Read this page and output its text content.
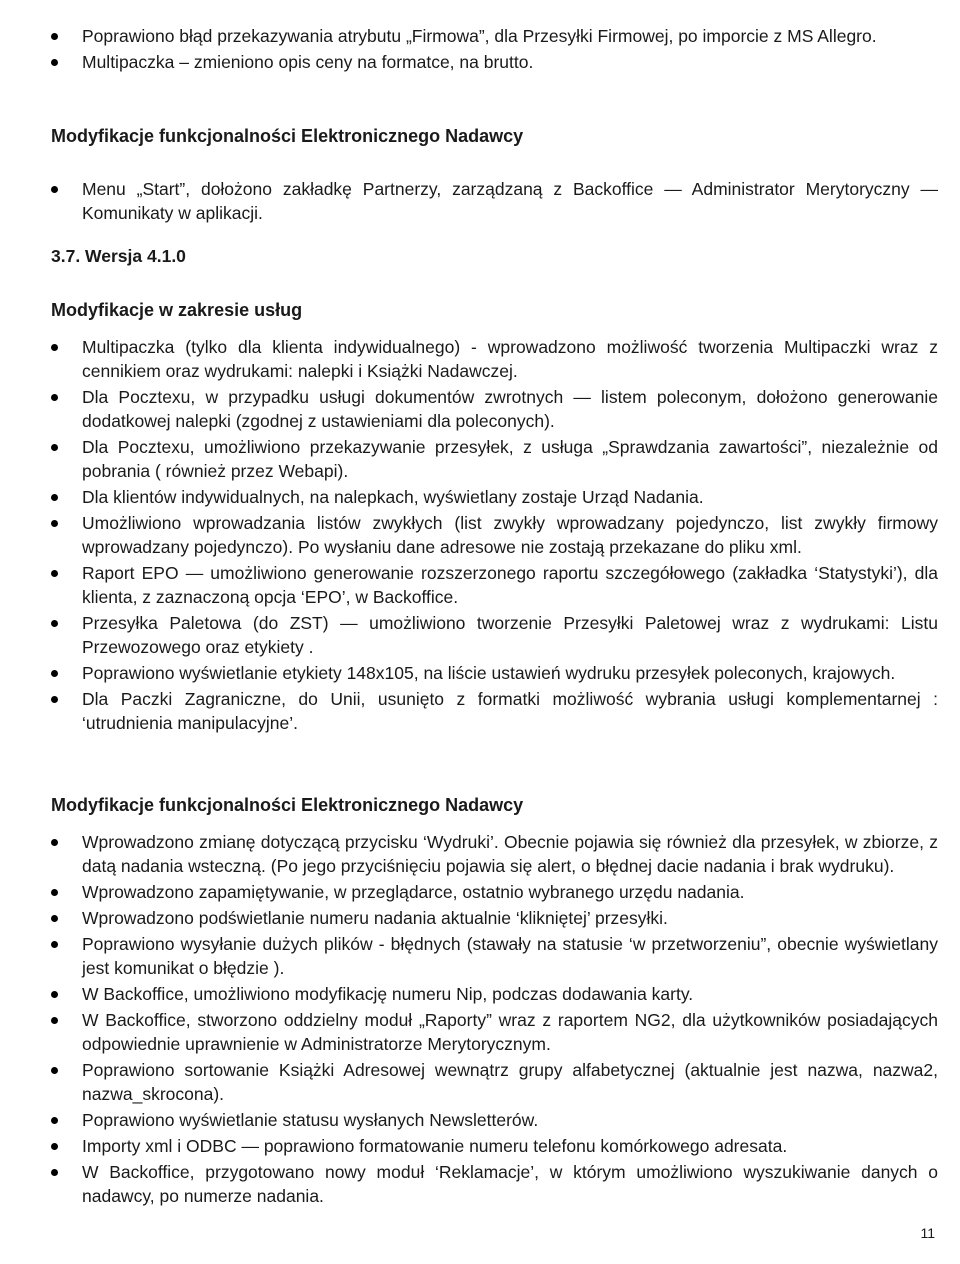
Poprawiono błąd przekazywania atrybutu „Firmowa”, dla Przesyłki Firmowej, po imporcie z MS Allegro.
Multipaczka – zmieniono opis ceny na formatce, na brutto.
Modyfikacje funkcjonalności Elektronicznego Nadawcy
Menu „Start”, dołożono zakładkę Partnerzy, zarządzaną z Backoffice — Administrator Merytoryczny — Komunikaty w aplikacji.
3.7. Wersja 4.1.0
Modyfikacje w zakresie usług
Multipaczka (tylko dla klienta indywidualnego) - wprowadzono możliwość tworzenia Multipaczki wraz z cennikiem oraz wydrukami: nalepki i Książki Nadawczej.
Dla Pocztexu, w przypadku usługi dokumentów zwrotnych — listem poleconym, dołożono generowanie dodatkowej nalepki (zgodnej z ustawieniami dla poleconych).
Dla Pocztexu, umożliwiono przekazywanie przesyłek, z usługa „Sprawdzania zawartości”, niezależnie od pobrania ( również przez Webapi).
Dla klientów indywidualnych, na nalepkach, wyświetlany zostaje Urząd Nadania.
Umożliwiono wprowadzania listów zwykłych (list zwykły wprowadzany pojedynczo, list zwykły firmowy wprowadzany pojedynczo). Po wysłaniu dane adresowe nie zostają przekazane do pliku xml.
Raport EPO — umożliwiono generowanie rozszerzonego raportu szczegółowego (zakładka ‘Statystyki’), dla klienta, z zaznaczoną opcja ‘EPO’, w Backoffice.
Przesyłka Paletowa (do ZST) — umożliwiono tworzenie Przesyłki Paletowej wraz z wydrukami: Listu Przewozowego oraz etykiety .
Poprawiono wyświetlanie etykiety 148x105, na liście ustawień wydruku przesyłek poleconych, krajowych.
Dla Paczki Zagraniczne, do Unii, usunięto z formatki możliwość wybrania usługi komplementarnej : ‘utrudnienia manipulacyjne’.
Modyfikacje funkcjonalności Elektronicznego Nadawcy
Wprowadzono zmianę dotyczącą przycisku ‘Wydruki’. Obecnie pojawia się również dla przesyłek, w zbiorze, z datą nadania wsteczną. (Po jego przyciśnięciu pojawia się alert, o błędnej dacie nadania i brak wydruku).
Wprowadzono zapamiętywanie, w przeglądarce, ostatnio wybranego urzędu nadania.
Wprowadzono podświetlanie numeru nadania aktualnie ‘klikniętej’ przesyłki.
Poprawiono wysyłanie dużych plików - błędnych (stawały na statusie ‘w przetworzeniu”, obecnie wyświetlany jest komunikat o błędzie ).
W Backoffice, umożliwiono modyfikację numeru Nip, podczas dodawania karty.
W Backoffice, stworzono oddzielny moduł „Raporty” wraz z raportem NG2, dla użytkowników posiadających odpowiednie uprawnienie w Administratorze Merytorycznym.
Poprawiono sortowanie Książki Adresowej wewnątrz grupy alfabetycznej (aktualnie jest nazwa, nazwa2, nazwa_skrocona).
Poprawiono wyświetlanie statusu wysłanych Newsletterów.
Importy xml i ODBC — poprawiono formatowanie numeru telefonu komórkowego adresata.
W Backoffice, przygotowano nowy moduł ‘Reklamacje’, w którym umożliwiono wyszukiwanie danych o nadawcy, po numerze nadania.
11
